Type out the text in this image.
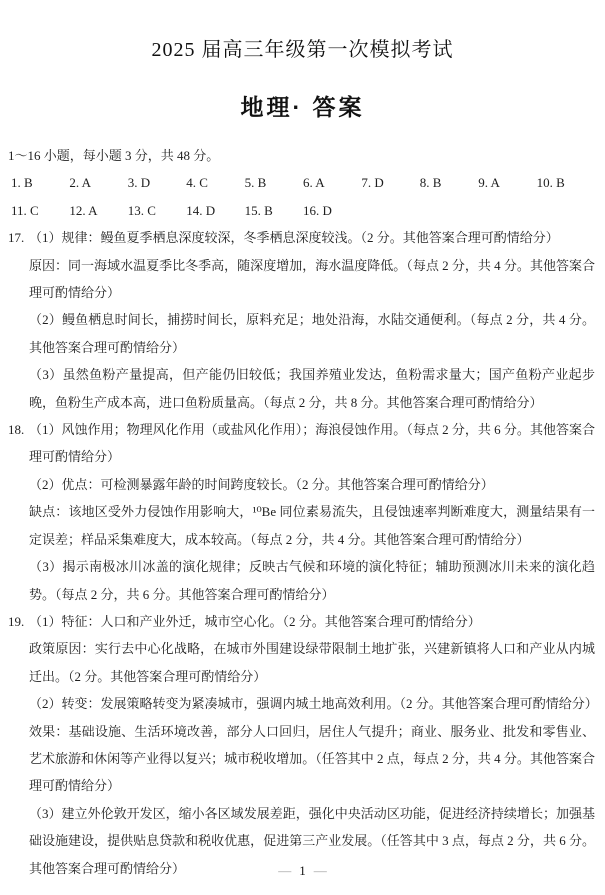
2025 届高三年级第一次模拟考试
地理· 答案

1～16 小题，每小题 3 分，共 48 分。

1. B	2. A	3. D	4. C	5. B	6. A	7. D	8. B	9. A	10. B
11. C	12. A	13. C	14. D	15. B	16. D
17. （1）规律：鳗鱼夏季栖息深度较深，冬季栖息深度较浅。（2 分。其他答案合理可酌情给分）

原因：同一海域水温夏季比冬季高，随深度增加，海水温度降低。（每点 2 分，共 4 分。其他答案合理可酌情给分）

（2）鳗鱼栖息时间长，捕捞时间长，原料充足；地处沿海，水陆交通便利。（每点 2 分，共 4 分。其他答案合理可酌情给分）

（3）虽然鱼粉产量提高，但产能仍旧较低；我国养殖业发达，鱼粉需求量大；国产鱼粉产业起步晚，鱼粉生产成本高，进口鱼粉质量高。（每点 2 分，共 8 分。其他答案合理可酌情给分）

18. （1）风蚀作用；物理风化作用（或盐风化作用）；海浪侵蚀作用。（每点 2 分，共 6 分。其他答案合理可酌情给分）

（2）优点：可检测暴露年龄的时间跨度较长。（2 分。其他答案合理可酌情给分）

缺点：该地区受外力侵蚀作用影响大，¹⁰Be 同位素易流失，且侵蚀速率判断难度大，测量结果有一定误差；样品采集难度大，成本较高。（每点 2 分，共 4 分。其他答案合理可酌情给分）

（3）揭示南极冰川冰盖的演化规律；反映古气候和环境的演化特征；辅助预测冰川未来的演化趋势。（每点 2 分，共 6 分。其他答案合理可酌情给分）

19. （1）特征：人口和产业外迁，城市空心化。（2 分。其他答案合理可酌情给分）

政策原因：实行去中心化战略，在城市外围建设绿带限制土地扩张，兴建新镇将人口和产业从内城迁出。（2 分。其他答案合理可酌情给分）

（2）转变：发展策略转变为紧凑城市，强调内城土地高效利用。（2 分。其他答案合理可酌情给分）

效果：基础设施、生活环境改善，部分人口回归，居住人气提升；商业、服务业、批发和零售业、艺术旅游和休闲等产业得以复兴；城市税收增加。（任答其中 2 点，每点 2 分，共 4 分。其他答案合理可酌情给分）

（3）建立外伦敦开发区，缩小各区域发展差距，强化中央活动区功能，促进经济持续增长；加强基础设施建设，提供贴息贷款和税收优惠，促进第三产业发展。（任答其中 3 点，每点 2 分，共 6 分。其他答案合理可酌情给分）	— 1 —
